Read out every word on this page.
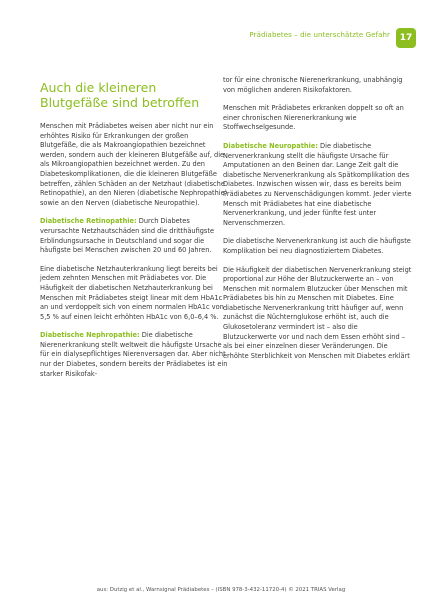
Prädiabetes – die unterschätzte Gefahr	17
Auch die kleineren Blutgefäße sind betroffen

Menschen mit Prädiabetes weisen aber nicht nur ein erhöhtes Risiko für Erkrankungen der großen Blutgefäße, die als Makroangiopathien bezeichnet werden, sondern auch der kleineren Blutgefäße auf, die als Mikroangiopathien bezeichnet werden. Zu den Diabeteskomplikationen, die die kleineren Blutgefäße betreffen, zählen Schäden an der Netzhaut (diabetische Retinopathie), an den Nieren (diabetische Nephropathie) sowie an den Nerven (diabetische Neuropathie).

Diabetische Retinopathie: Durch Diabetes verursachte Netzhautschäden sind die dritthäufigste Erblindungsursache in Deutschland und sogar die häufigste bei Menschen zwischen 20 und 60 Jahren.

Eine diabetische Netzhauterkrankung liegt bereits bei jedem zehnten Menschen mit Prädiabetes vor. Die Häufigkeit der diabetischen Netzhauterkrankung bei Menschen mit Prädiabetes steigt linear mit dem HbA1c an und verdoppelt sich von einem normalen HbA1c von 5,5 % auf einen leicht erhöhten HbA1c von 6,0–6,4 %.

Diabetische Nephropathie: Die diabetische Nierenerkrankung stellt weltweit die häufigste Ursache für ein dialysepflichtiges Nierenversagen dar. Aber nicht nur der Diabetes, sondern bereits der Prädiabetes ist ein starker Risikofak-

tor für eine chronische Nierenerkrankung, unabhängig von möglichen anderen Risikofaktoren.

Menschen mit Prädiabetes erkranken doppelt so oft an einer chronischen Nierenerkrankung wie Stoffwechselgesunde.

Diabetische Neuropathie: Die diabetische Nervenerkrankung stellt die häufigste Ursache für Amputationen an den Beinen dar. Lange Zeit galt die diabetische Nervenerkrankung als Spätkomplikation des Diabetes. Inzwischen wissen wir, dass es bereits beim Prädiabetes zu Nervenschädigungen kommt. Jeder vierte Mensch mit Prädiabetes hat eine diabetische Nervenerkrankung, und jeder fünfte fest unter Nervenschmerzen.

Die diabetische Nervenerkrankung ist auch die häufigste Komplikation bei neu diagnostiziertem Diabetes.

Die Häufigkeit der diabetischen Nervenerkrankung steigt proportional zur Höhe der Blutzuckerwerte an – von Menschen mit normalem Blutzucker über Menschen mit Prädiabetes bis hin zu Menschen mit Diabetes. Eine diabetische Nervenerkrankung tritt häufiger auf, wenn zunächst die Nüchternglukose erhöht ist, auch die Glukosetoleranz vermindert ist – also die Blutzuckerwerte vor und nach dem Essen erhöht sind – als bei einer einzelnen dieser Veränderungen. Die erhöhte Sterblichkeit von Menschen mit Diabetes erklärt

aus: Dutzig et al., Warnsignal Prädiabetes – (ISBN 978-3-432-11720-4) © 2021 TRIAS Verlag
